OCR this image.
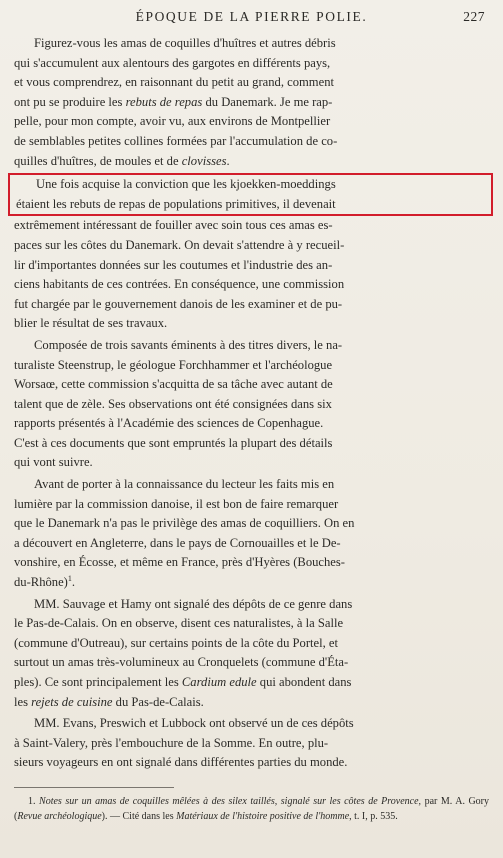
ÉPOQUE DE LA PIERRE POLIE.	227

Figurez-vous les amas de coquilles d'huîtres et autres débris
qui s'accumulent aux alentours des gargotes en différents pays,
et vous comprendrez, en raisonnant du petit au grand, comment
ont pu se produire les rebuts de repas du Danemark. Je me rap-
pelle, pour mon compte, avoir vu, aux environs de Montpellier
de semblables petites collines formées par l'accumulation de co-
quilles d'huîtres, de moules et de clovisses.

Une fois acquise la conviction que les kjoekken-moeddings
étaient les rebuts de repas de populations primitives, il devenait
extrêmement intéressant de fouiller avec soin tous ces amas es-
paces sur les côtes du Danemark. On devait s'attendre à y recueil-
lir d'importantes données sur les coutumes et l'industrie des an-
ciens habitants de ces contrées. En conséquence, une commission
fut chargée par le gouvernement danois de les examiner et de pu-
blier le résultat de ses travaux.

Composée de trois savants éminents à des titres divers, le na-
turaliste Steenstrup, le géologue Forchhammer et l'archéologue
Worsaœ, cette commission s'acquitta de sa tâche avec autant de
talent que de zèle. Ses observations ont été consignées dans six
rapports présentés à l'Académie des sciences de Copenhague.
C'est à ces documents que sont empruntés la plupart des détails
qui vont suivre.

Avant de porter à la connaissance du lecteur les faits mis en
lumière par la commission danoise, il est bon de faire remarquer
que le Danemark n'a pas le privilège des amas de coquilliers. On en
a découvert en Angleterre, dans le pays de Cornouailles et le De-
vonshire, en Écosse, et même en France, près d'Hyères (Bouches-
du-Rhône)$^1$.

MM. Sauvage et Hamy ont signalé des dépôts de ce genre dans
le Pas-de-Calais. On en observe, disent ces naturalistes, à la Salle
(commune d'Outreau), sur certains points de la côte du Portel, et
surtout un amas très-volumineux au Cronquelets (commune d'Éta-
ples). Ce sont principalement les Cardium edule qui abondent dans
les rejets de cuisine du Pas-de-Calais.

MM. Evans, Preswich et Lubbock ont observé un de ces dépôts
à Saint-Valery, près l'embouchure de la Somme. En outre, plu-
sieurs voyageurs en ont signalé dans différentes parties du monde.

1. Notes sur un amas de coquilles mêlées à des silex taillés, signalé sur les côtes de Provence, par M. A. Gory (Revue archéologique). — Cité dans les Matériaux de l'histoire positive de l'homme, t. I, p. 535.
